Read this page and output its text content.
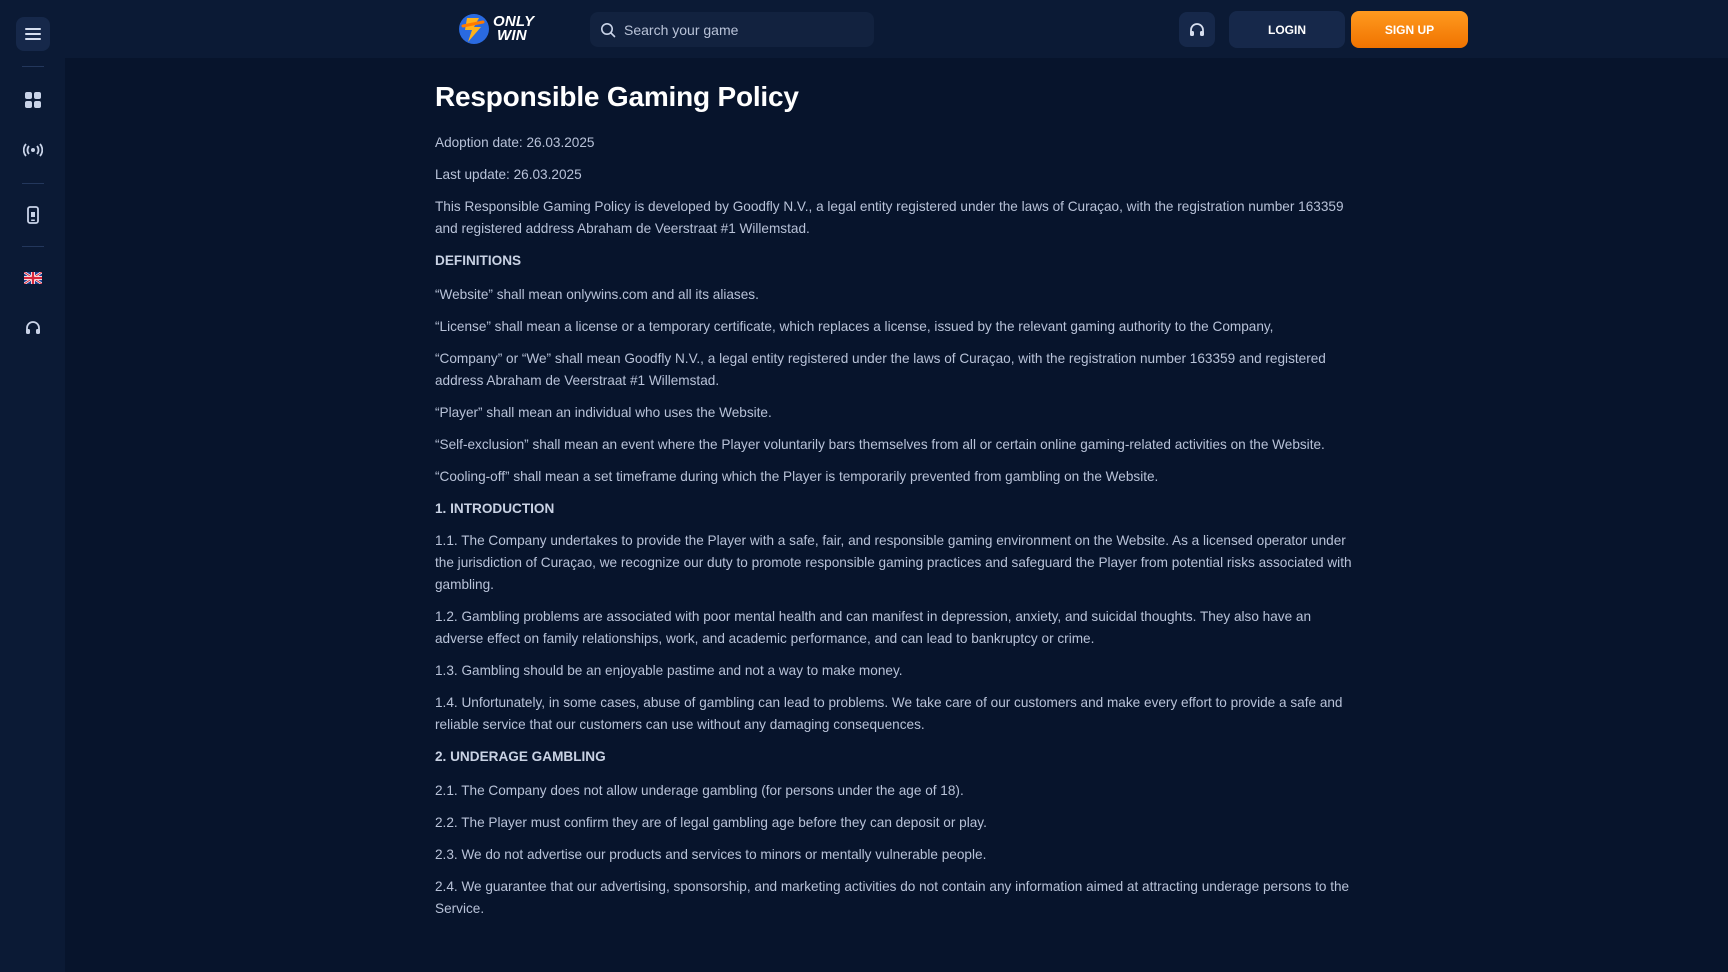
ONLY
WIN
Search your game	LOGIN	SIGN UP
Responsible Gaming Policy

Adoption date: 26.03.2025

Last update: 26.03.2025

This Responsible Gaming Policy is developed by Goodfly N.V., a legal entity registered under the laws of Curaçao, with the registration number 163359 and registered address Abraham de Veerstraat #1 Willemstad.

DEFINITIONS

“Website” shall mean onlywins.com and all its aliases.

“License” shall mean a license or a temporary certificate, which replaces a license, issued by the relevant gaming authority to the Company,

“Company” or “We” shall mean Goodfly N.V., a legal entity registered under the laws of Curaçao, with the registration number 163359 and registered address Abraham de Veerstraat #1 Willemstad.

“Player” shall mean an individual who uses the Website.

“Self-exclusion” shall mean an event where the Player voluntarily bars themselves from all or certain online gaming-related activities on the Website.

“Cooling-off” shall mean a set timeframe during which the Player is temporarily prevented from gambling on the Website.

1. INTRODUCTION

1.1. The Company undertakes to provide the Player with a safe, fair, and responsible gaming environment on the Website. As a licensed operator under the jurisdiction of Curaçao, we recognize our duty to promote responsible gaming practices and safeguard the Player from potential risks associated with gambling.

1.2. Gambling problems are associated with poor mental health and can manifest in depression, anxiety, and suicidal thoughts. They also have an adverse effect on family relationships, work, and academic performance, and can lead to bankruptcy or crime.

1.3. Gambling should be an enjoyable pastime and not a way to make money.

1.4. Unfortunately, in some cases, abuse of gambling can lead to problems. We take care of our customers and make every effort to provide a safe and reliable service that our customers can use without any damaging consequences.

2. UNDERAGE GAMBLING

2.1. The Company does not allow underage gambling (for persons under the age of 18).

2.2. The Player must confirm they are of legal gambling age before they can deposit or play.

2.3. We do not advertise our products and services to minors or mentally vulnerable people.

2.4. We guarantee that our advertising, sponsorship, and marketing activities do not contain any information aimed at attracting underage persons to the Service.
